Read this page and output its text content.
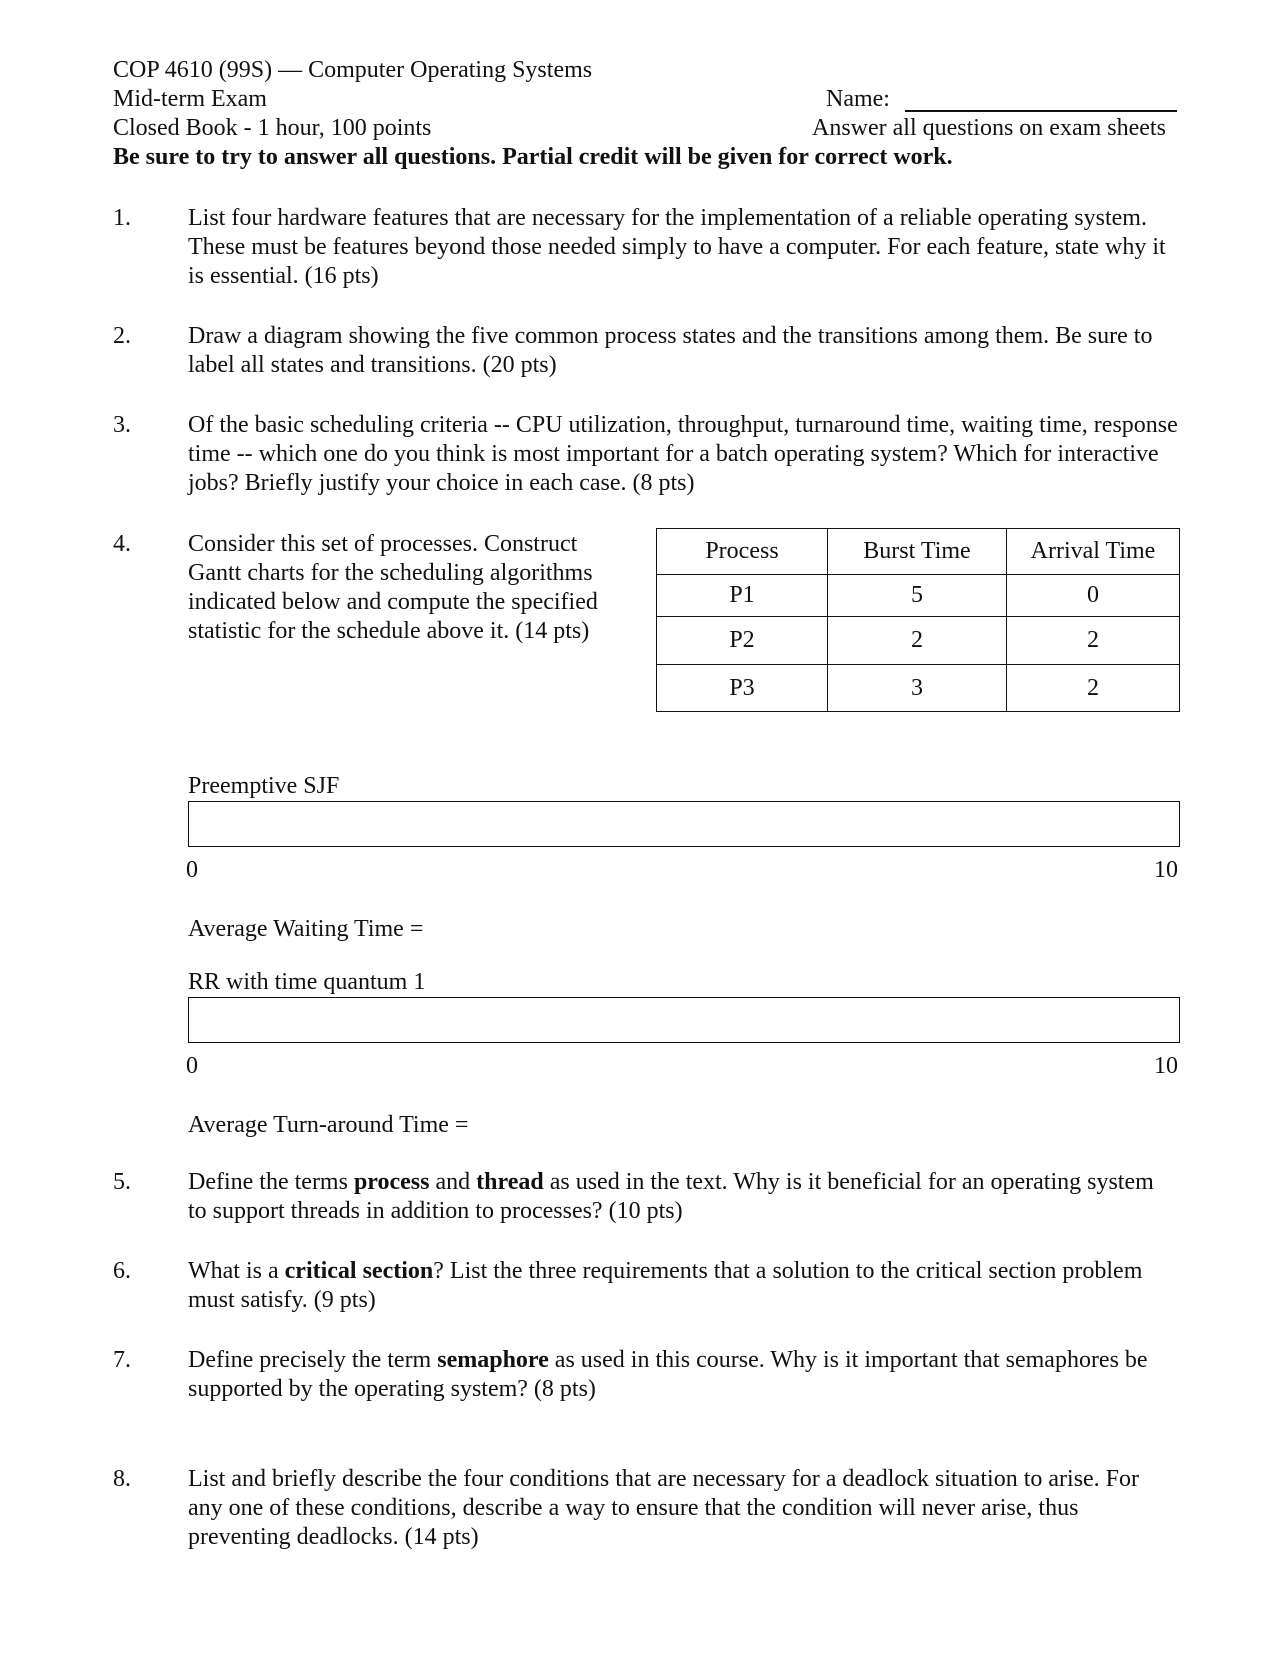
COP 4610 (99S) — Computer Operating Systems
Mid-term Exam	Name:
Closed Book - 1 hour, 100 points	Answer all questions on exam sheets
Be sure to try to answer all questions. Partial credit will be given for correct work.
1. List four hardware features that are necessary for the implementation of a reliable operating system. These must be features beyond those needed simply to have a computer. For each feature, state why it is essential. (16 pts)
2. Draw a diagram showing the five common process states and the transitions among them. Be sure to label all states and transitions. (20 pts)
3. Of the basic scheduling criteria -- CPU utilization, throughput, turnaround time, waiting time, response time -- which one do you think is most important for a batch operating system? Which for interactive jobs? Briefly justify your choice in each case. (8 pts)
4. Consider this set of processes. Construct Gantt charts for the scheduling algorithms indicated below and compute the specified statistic for the schedule above it. (14 pts)
Process	Burst Time	Arrival Time
P1	5	0
P2	2	2
P3	3	2
Preemptive SJF
0	10
Average Waiting Time =
RR with time quantum 1
0	10
Average Turn-around Time =
5. Define the terms process and thread as used in the text. Why is it beneficial for an operating system to support threads in addition to processes? (10 pts)
6. What is a critical section? List the three requirements that a solution to the critical section problem must satisfy. (9 pts)
7. Define precisely the term semaphore as used in this course. Why is it important that semaphores be supported by the operating system? (8 pts)
8. List and briefly describe the four conditions that are necessary for a deadlock situation to arise. For any one of these conditions, describe a way to ensure that the condition will never arise, thus preventing deadlocks. (14 pts)
